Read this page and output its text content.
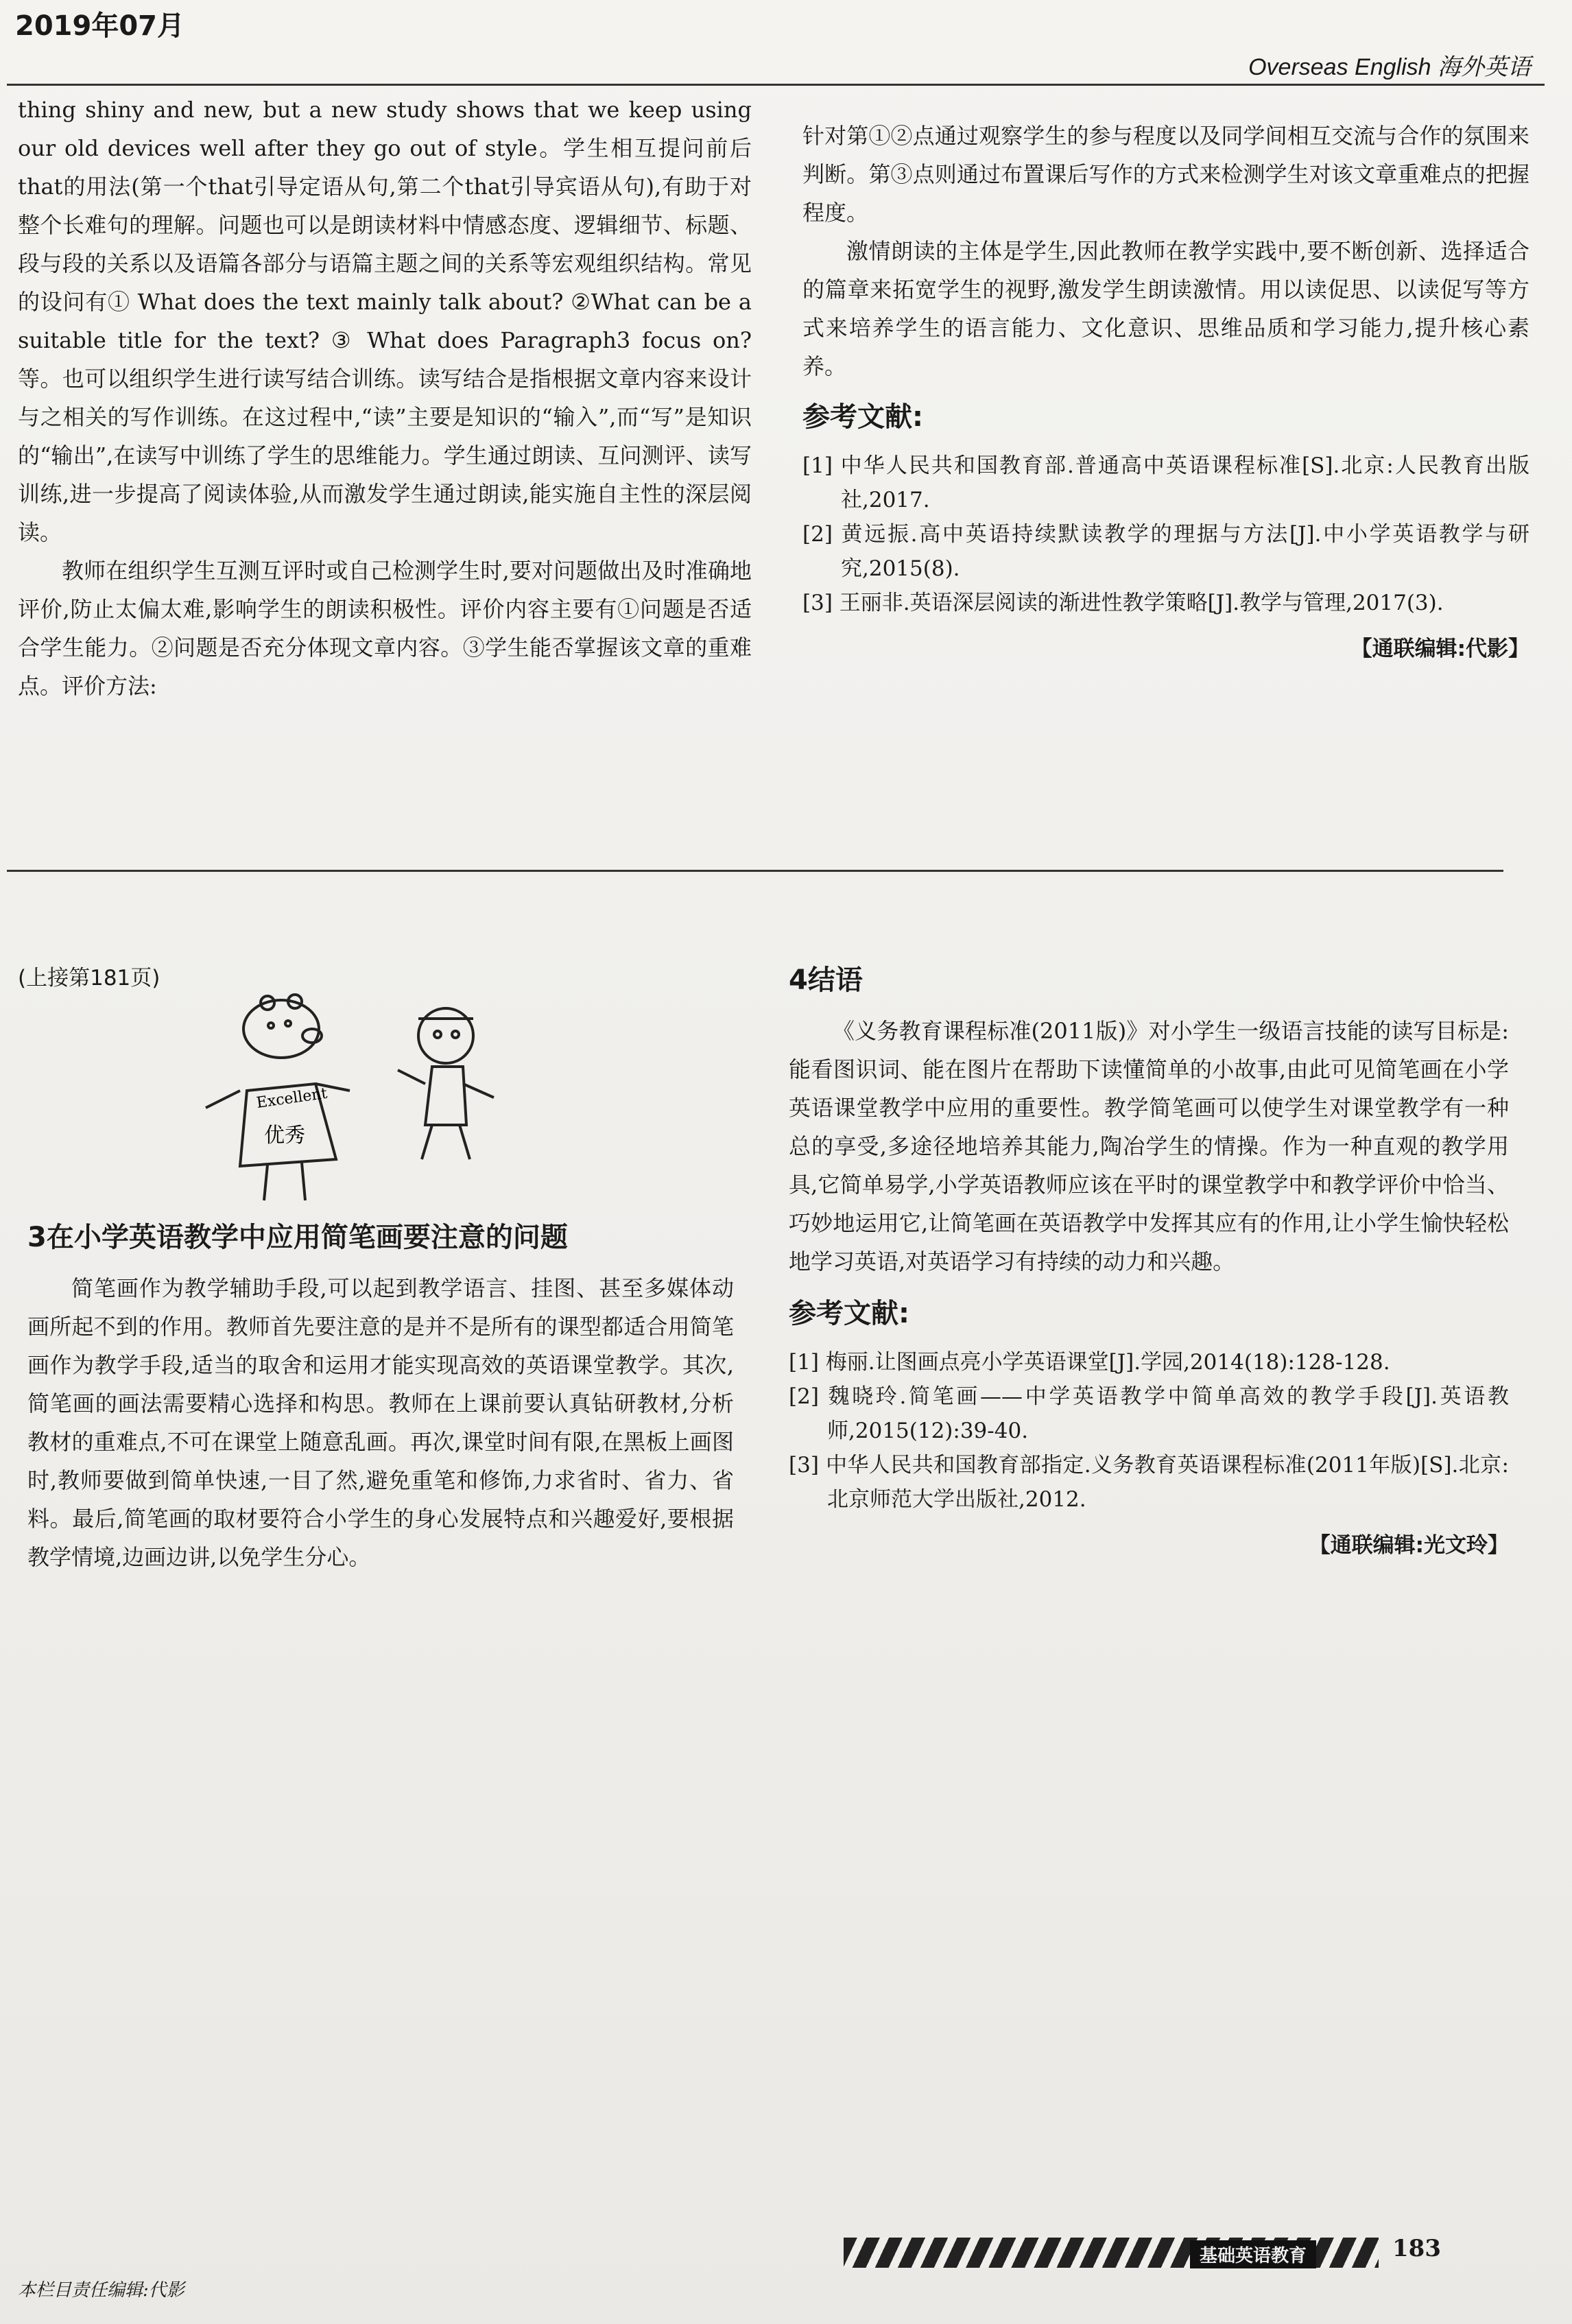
2019年07月
Overseas English 海外英语

thing shiny and new, but a new study shows that we keep using our old devices well after they go out of style。学生相互提问前后that的用法(第一个that引导定语从句,第二个that引导宾语从句),有助于对整个长难句的理解。问题也可以是朗读材料中情感态度、逻辑细节、标题、段与段的关系以及语篇各部分与语篇主题之间的关系等宏观组织结构。常见的设问有① What does the text mainly talk about? ②What can be a suitable title for the text? ③ What does Paragraph3 focus on? 等。也可以组织学生进行读写结合训练。读写结合是指根据文章内容来设计与之相关的写作训练。在这过程中,“读”主要是知识的“输入”,而“写”是知识的“输出”,在读写中训练了学生的思维能力。学生通过朗读、互问测评、读写训练,进一步提高了阅读体验,从而激发学生通过朗读,能实施自主性的深层阅读。

教师在组织学生互测互评时或自己检测学生时,要对问题做出及时准确地评价,防止太偏太难,影响学生的朗读积极性。评价内容主要有①问题是否适合学生能力。②问题是否充分体现文章内容。③学生能否掌握该文章的重难点。评价方法:

针对第①②点通过观察学生的参与程度以及同学间相互交流与合作的氛围来判断。第③点则通过布置课后写作的方式来检测学生对该文章重难点的把握程度。

激情朗读的主体是学生,因此教师在教学实践中,要不断创新、选择适合的篇章来拓宽学生的视野,激发学生朗读激情。用以读促思、以读促写等方式来培养学生的语言能力、文化意识、思维品质和学习能力,提升核心素养。

参考文献:

[1] 中华人民共和国教育部.普通高中英语课程标准[S].北京:人民教育出版社,2017.

[2] 黄远振.高中英语持续默读教学的理据与方法[J].中小学英语教学与研究,2015(8).

[3] 王丽非.英语深层阅读的渐进性教学策略[J].教学与管理,2017(3).

【通联编辑:代影】
(上接第181页)
Excellent
优秀
3在小学英语教学中应用简笔画要注意的问题

简笔画作为教学辅助手段,可以起到教学语言、挂图、甚至多媒体动画所起不到的作用。教师首先要注意的是并不是所有的课型都适合用简笔画作为教学手段,适当的取舍和运用才能实现高效的英语课堂教学。其次,简笔画的画法需要精心选择和构思。教师在上课前要认真钻研教材,分析教材的重难点,不可在课堂上随意乱画。再次,课堂时间有限,在黑板上画图时,教师要做到简单快速,一目了然,避免重笔和修饰,力求省时、省力、省料。最后,简笔画的取材要符合小学生的身心发展特点和兴趣爱好,要根据教学情境,边画边讲,以免学生分心。

4结语

《义务教育课程标准(2011版)》对小学生一级语言技能的读写目标是:能看图识词、能在图片在帮助下读懂简单的小故事,由此可见简笔画在小学英语课堂教学中应用的重要性。教学简笔画可以使学生对课堂教学有一种总的享受,多途径地培养其能力,陶冶学生的情操。作为一种直观的教学用具,它简单易学,小学英语教师应该在平时的课堂教学中和教学评价中恰当、巧妙地运用它,让简笔画在英语教学中发挥其应有的作用,让小学生愉快轻松地学习英语,对英语学习有持续的动力和兴趣。

参考文献:

[1] 梅丽.让图画点亮小学英语课堂[J].学园,2014(18):128-128.

[2] 魏晓玲.简笔画——中学英语教学中简单高效的教学手段[J].英语教师,2015(12):39-40.

[3] 中华人民共和国教育部指定.义务教育英语课程标准(2011年版)[S].北京:北京师范大学出版社,2012.

【通联编辑:光文玲】
基础英语教育	183
本栏目责任编辑:代影
